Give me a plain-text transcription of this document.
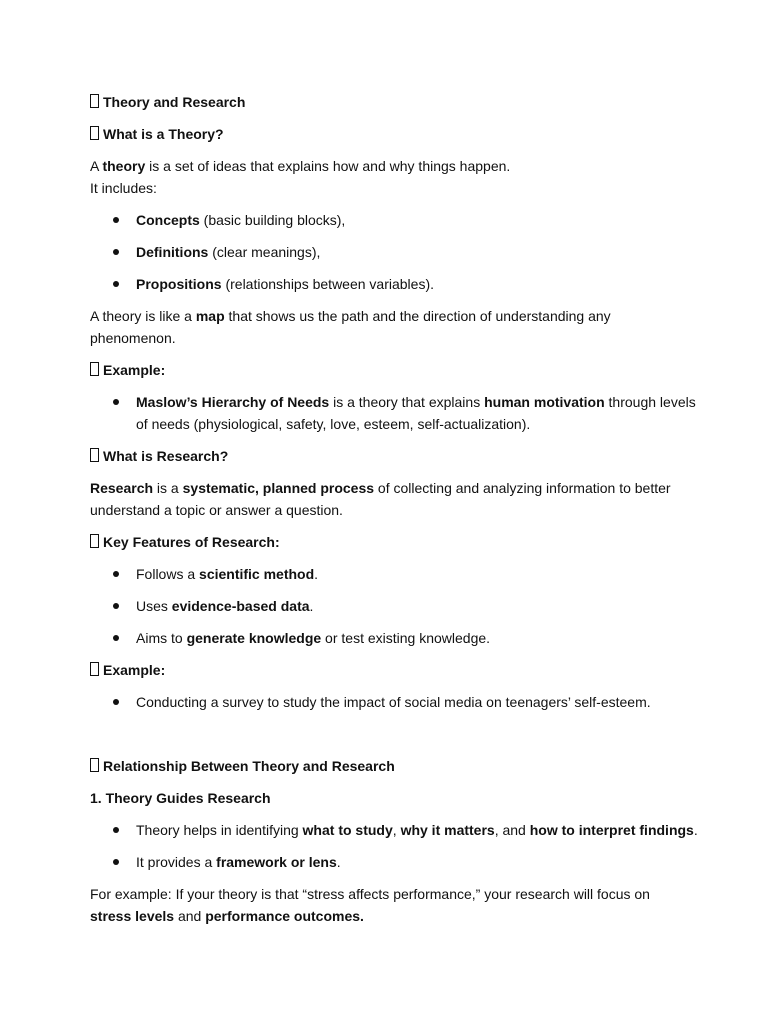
Theory and Research
What is a Theory?
A theory is a set of ideas that explains how and why things happen.
It includes:
Concepts (basic building blocks),
Definitions (clear meanings),
Propositions (relationships between variables).
A theory is like a map that shows us the path and the direction of understanding any
phenomenon.
Example:
Maslow’s Hierarchy of Needs is a theory that explains human motivation through levels
of needs (physiological, safety, love, esteem, self-actualization).
What is Research?
Research is a systematic, planned process of collecting and analyzing information to better
understand a topic or answer a question.
Key Features of Research:
Follows a scientific method.
Uses evidence-based data.
Aims to generate knowledge or test existing knowledge.
Example:
Conducting a survey to study the impact of social media on teenagers’ self-esteem.
Relationship Between Theory and Research
1. Theory Guides Research
Theory helps in identifying what to study, why it matters, and how to interpret findings.
It provides a framework or lens.
For example: If your theory is that “stress affects performance,” your research will focus on
stress levels and performance outcomes.
